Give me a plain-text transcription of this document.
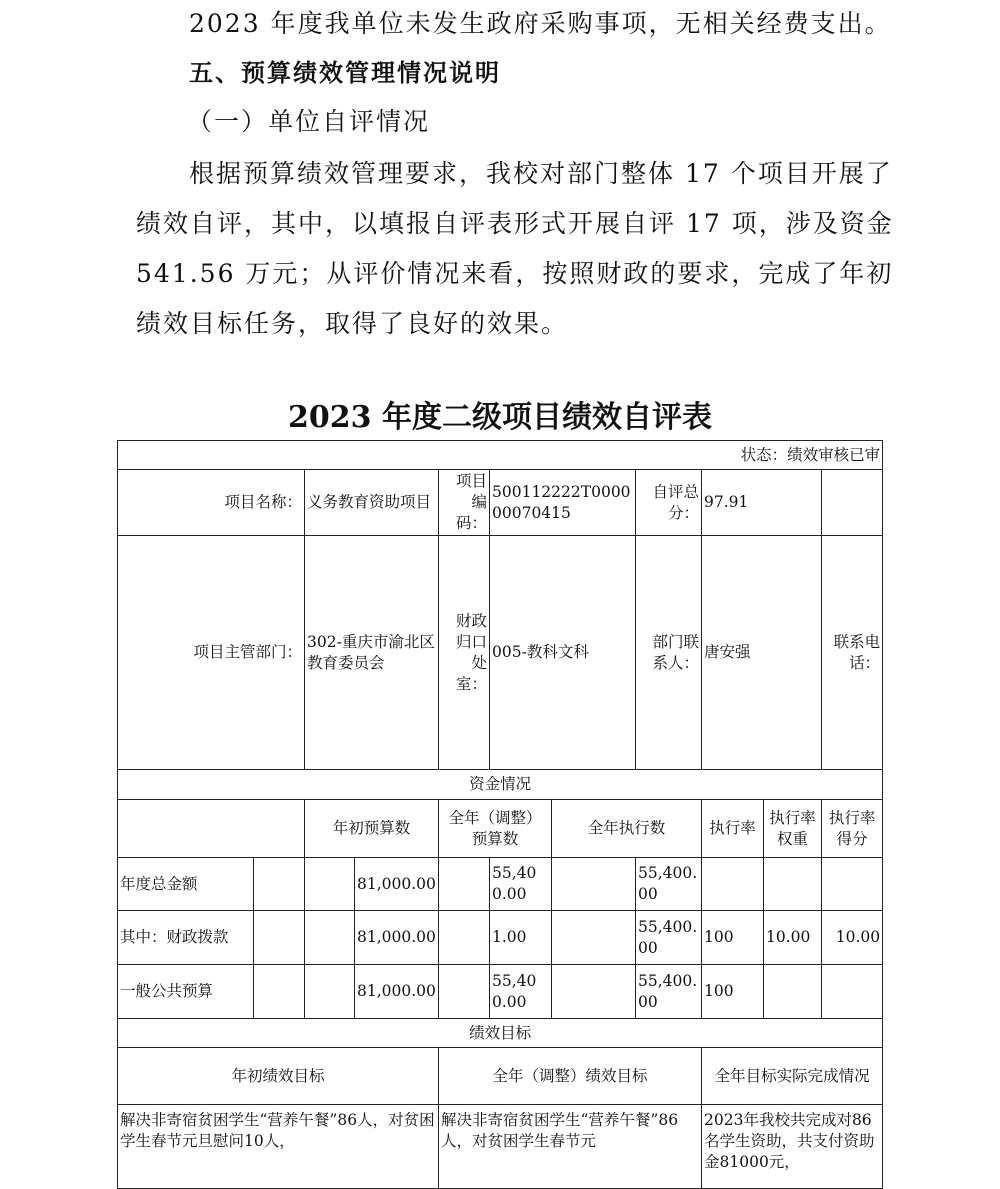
2023 年度我单位未发生政府采购事项，无相关经费支出。
五、预算绩效管理情况说明
（一）单位自评情况
根据预算绩效管理要求，我校对部门整体 17 个项目开展了
绩效自评，其中，以填报自评表形式开展自评 17 项，涉及资金
541.56 万元；从评价情况来看，按照财政的要求，完成了年初
绩效目标任务，取得了良好的效果。
2023 年度二级项目绩效自评表
状态：绩效审核已审											
项目名称：		义务教育资助项目		项目编码：	500112222T000000070415		自评总分：	97.91			
项目主管部门：		302-重庆市渝北区教育委员会		财政归口处室：	005-教科文科		部门联系人：	唐安强		联系电话：	
资金情况											
		年初预算数		全年（调整）预算数		全年执行数		执行率	执行率权重	执行率得分	
年度总金额			81,000.00		55,400.00		55,400.00				
其中：财政拨款			81,000.00		1.00		55,400.00	100	10.00	10.00	
一般公共预算			81,000.00		55,400.00		55,400.00	100			
绩效目标											
年初绩效目标				全年（调整）绩效目标				全年目标实际完成情况			
解决非寄宿贫困学生“营养午餐”86人，对贫困学生春节元旦慰问10人，				解决非寄宿贫困学生“营养午餐”86人，对贫困学生春节元				2023年我校共完成对86名学生资助，共支付资助金81000元，			
